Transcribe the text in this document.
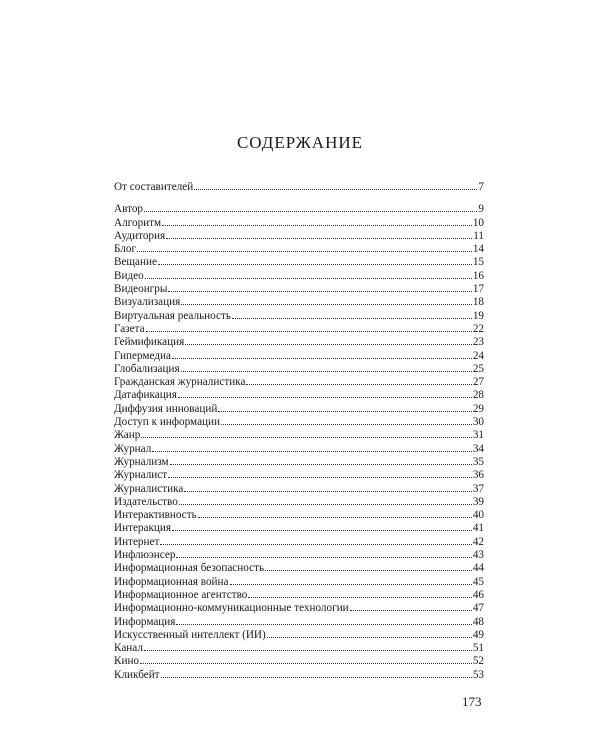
СОДЕРЖАНИЕ
От составителей	7
Автор	9
Алгоритм	10
Аудитория	11
Блог	14
Вещание	15
Видео	16
Видеоигры	17
Визуализация	18
Виртуальная реальность	19
Газета	22
Геймификация	23
Гипермедиа	24
Глобализация	25
Гражданская журналистика	27
Датафикация	28
Диффузия инноваций	29
Доступ к информации	30
Жанр	31
Журнал	34
Журнализм	35
Журналист	36
Журналистика	37
Издательство	39
Интерактивность	40
Интеракция	41
Интернет	42
Инфлюэнсер	43
Информационная безопасность	44
Информационная война	45
Информационное агентство	46
Информационно-коммуникационные технологии	47
Информация	48
Искусственный интеллект (ИИ)	49
Канал	51
Кино	52
Кликбейт	53
173
